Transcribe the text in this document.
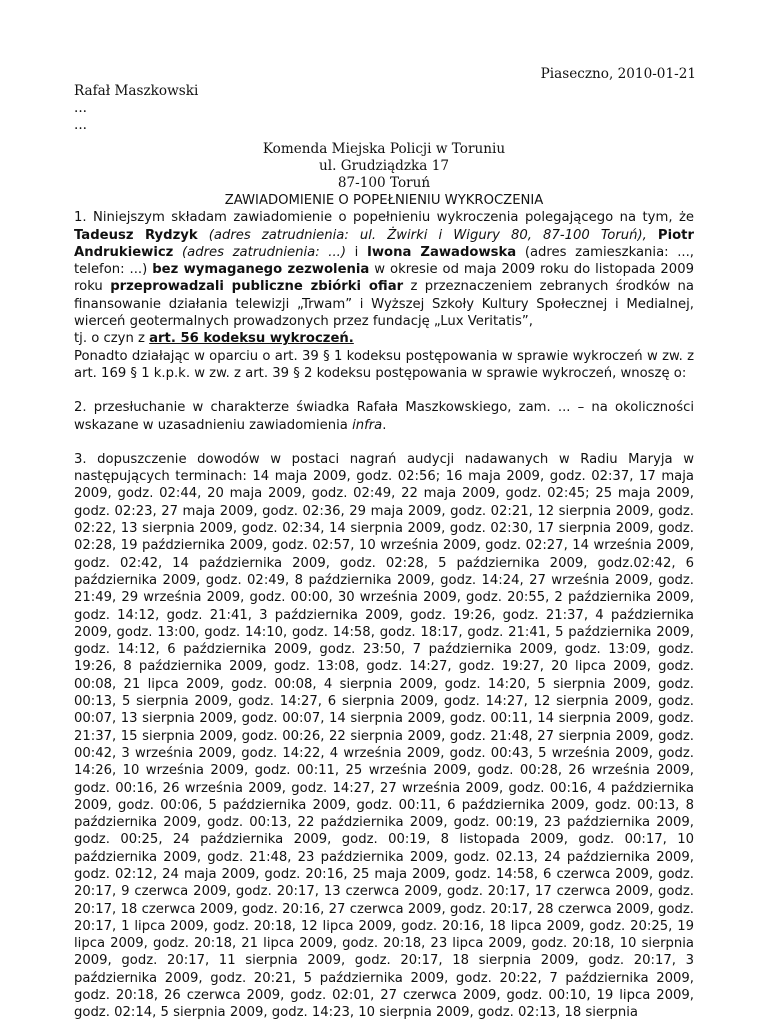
Piaseczno, 2010-01-21
Rafał Maszkowski
...
...
Komenda Miejska Policji w Toruniu
ul. Grudziądzka 17
87-100 Toruń
ZAWIADOMIENIE O POPEŁNIENIU WYKROCZENIA

1. Niniejszym składam zawiadomienie o popełnieniu wykroczenia polegającego na tym, że Tadeusz Rydzyk (adres zatrudnienia: ul. Żwirki i Wigury 80, 87-100 Toruń), Piotr Andrukiewicz (adres zatrudnienia: ...) i Iwona Zawadowska (adres zamieszkania: ..., telefon: ...) bez wymaganego zezwolenia w okresie od maja 2009 roku do listopada 2009 roku przeprowadzali publiczne zbiórki ofiar z przeznaczeniem zebranych środków na finansowanie działania telewizji „Trwam” i Wyższej Szkoły Kultury Społecznej i Medialnej, wierceń geotermalnych prowadzonych przez fundację „Lux Veritatis”,
tj. o czyn z art. 56 kodeksu wykroczeń.
Ponadto działając w oparciu o art. 39 § 1 kodeksu postępowania w sprawie wykroczeń w zw. z art. 169 § 1 k.p.k. w zw. z art. 39 § 2 kodeksu postępowania w sprawie wykroczeń, wnoszę o:

2. przesłuchanie w charakterze świadka Rafała Maszkowskiego, zam. ... – na okoliczności wskazane w uzasadnieniu zawiadomienia infra.

3. dopuszczenie dowodów w postaci nagrań audycji nadawanych w Radiu Maryja w następujących terminach: 14 maja 2009, godz. 02:56; 16 maja 2009, godz. 02:37, 17 maja 2009, godz. 02:44, 20 maja 2009, godz. 02:49, 22 maja 2009, godz. 02:45; 25 maja 2009, godz. 02:23, 27 maja 2009, godz. 02:36, 29 maja 2009, godz. 02:21, 12 sierpnia 2009, godz. 02:22, 13 sierpnia 2009, godz. 02:34, 14 sierpnia 2009, godz. 02:30, 17 sierpnia 2009, godz. 02:28, 19 października 2009, godz. 02:57, 10 września 2009, godz. 02:27, 14 września 2009, godz. 02:42, 14 października 2009, godz. 02:28, 5 października 2009, godz.02:42, 6 października 2009, godz. 02:49, 8 października 2009, godz. 14:24, 27 września 2009, godz. 21:49, 29 września 2009, godz. 00:00, 30 września 2009, godz. 20:55, 2 października 2009, godz. 14:12, godz. 21:41, 3 października 2009, godz. 19:26, godz. 21:37, 4 października 2009, godz. 13:00, godz. 14:10, godz. 14:58, godz. 18:17, godz. 21:41, 5 października 2009, godz. 14:12, 6 października 2009, godz. 23:50, 7 października 2009, godz. 13:09, godz. 19:26, 8 października 2009, godz. 13:08, godz. 14:27, godz. 19:27, 20 lipca 2009, godz. 00:08, 21 lipca 2009, godz. 00:08, 4 sierpnia 2009, godz. 14:20, 5 sierpnia 2009, godz. 00:13, 5 sierpnia 2009, godz. 14:27, 6 sierpnia 2009, godz. 14:27, 12 sierpnia 2009, godz. 00:07, 13 sierpnia 2009, godz. 00:07, 14 sierpnia 2009, godz. 00:11, 14 sierpnia 2009, godz. 21:37, 15 sierpnia 2009, godz. 00:26, 22 sierpnia 2009, godz. 21:48, 27 sierpnia 2009, godz. 00:42, 3 września 2009, godz. 14:22, 4 września 2009, godz. 00:43, 5 września 2009, godz. 14:26, 10 września 2009, godz. 00:11, 25 września 2009, godz. 00:28, 26 września 2009, godz. 00:16, 26 września 2009, godz. 14:27, 27 września 2009, godz. 00:16, 4 października 2009, godz. 00:06, 5 października 2009, godz. 00:11, 6 października 2009, godz. 00:13, 8 października 2009, godz. 00:13, 22 października 2009, godz. 00:19, 23 października 2009, godz. 00:25, 24 października 2009, godz. 00:19, 8 listopada 2009, godz. 00:17, 10 października 2009, godz. 21:48, 23 października 2009, godz. 02.13, 24 października 2009, godz. 02:12, 24 maja 2009, godz. 20:16, 25 maja 2009, godz. 14:58, 6 czerwca 2009, godz. 20:17, 9 czerwca 2009, godz. 20:17, 13 czerwca 2009, godz. 20:17, 17 czerwca 2009, godz. 20:17, 18 czerwca 2009, godz. 20:16, 27 czerwca 2009, godz. 20:17, 28 czerwca 2009, godz. 20:17, 1 lipca 2009, godz. 20:18, 12 lipca 2009, godz. 20:16, 18 lipca 2009, godz. 20:25, 19 lipca 2009, godz. 20:18, 21 lipca 2009, godz. 20:18, 23 lipca 2009, godz. 20:18, 10 sierpnia 2009, godz. 20:17, 11 sierpnia 2009, godz. 20:17, 18 sierpnia 2009, godz. 20:17, 3 października 2009, godz. 20:21, 5 października 2009, godz. 20:22, 7 października 2009, godz. 20:18, 26 czerwca 2009, godz. 02:01, 27 czerwca 2009, godz. 00:10, 19 lipca 2009, godz. 02:14, 5 sierpnia 2009, godz. 14:23, 10 sierpnia 2009, godz. 02:13, 18 sierpnia
